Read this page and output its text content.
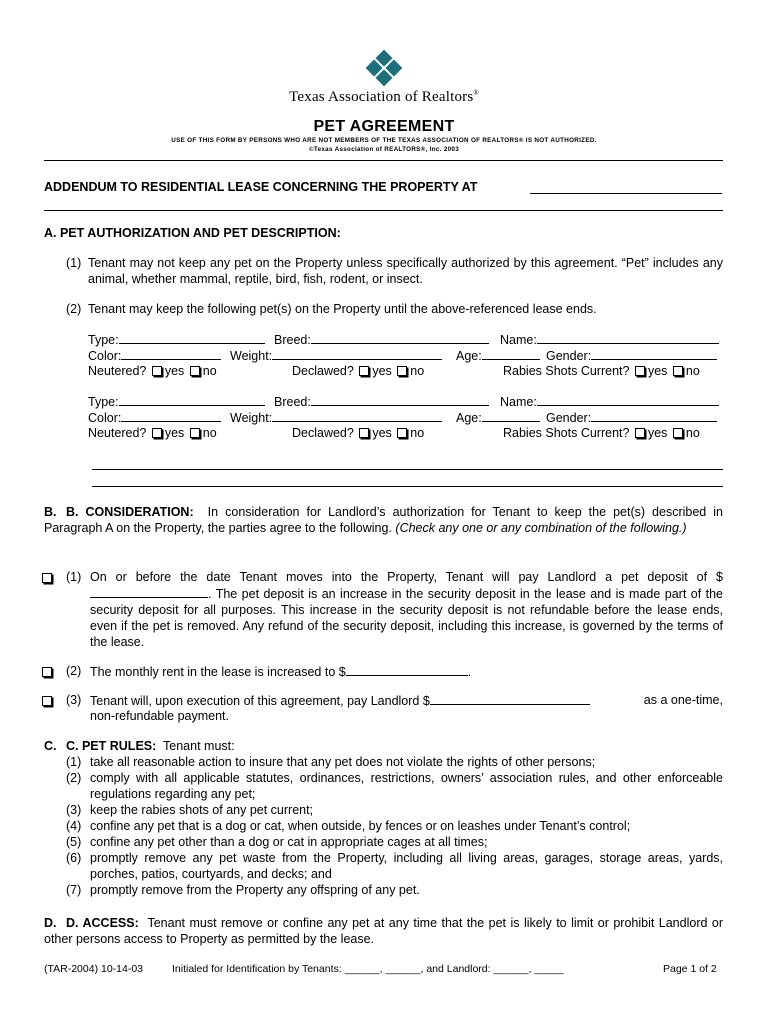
Texas Association of Realtors®
PET AGREEMENT
USE OF THIS FORM BY PERSONS WHO ARE NOT MEMBERS OF THE TEXAS ASSOCIATION OF REALTORS® IS NOT AUTHORIZED.
©Texas Association of REALTORS®, Inc. 2003
ADDENDUM TO RESIDENTIAL LEASE CONCERNING THE PROPERTY AT
A. PET AUTHORIZATION AND PET DESCRIPTION:
(1) Tenant may not keep any pet on the Property unless specifically authorized by this agreement. “Pet” includes any animal, whether mammal, reptile, bird, fish, rodent, or insect.
(2) Tenant may keep the following pet(s) on the Property until the above-referenced lease ends.
Type:	Breed:	Name:
Color:	Weight:	Age:	Gender:
Neutered? yes no	Declawed? yes no	Rabies Shots Current? yes no
Type:	Breed:	Name:
Color:	Weight:	Age:	Gender:
Neutered? yes no	Declawed? yes no	Rabies Shots Current? yes no
B. B. CONSIDERATION: In consideration for Landlord’s authorization for Tenant to keep the pet(s) described in Paragraph A on the Property, the parties agree to the following. (Check any one or any combination of the following.)
(1) On or before the date Tenant moves into the Property, Tenant will pay Landlord a pet deposit of $. The pet deposit is an increase in the security deposit in the lease and is made part of the security deposit for all purposes. This increase in the security deposit is not refundable before the lease ends, even if the pet is removed. Any refund of the security deposit, including this increase, is governed by the terms of the lease.
(2) The monthly rent in the lease is increased to $	.
(3) Tenant will, upon execution of this agreement, pay Landlord $	as a one-time,
non-refundable payment.
C. C. PET RULES: Tenant must:
(1) take all reasonable action to insure that any pet does not violate the rights of other persons;
(2) comply with all applicable statutes, ordinances, restrictions, owners’ association rules, and other enforceable regulations regarding any pet;
(3) keep the rabies shots of any pet current;
(4) confine any pet that is a dog or cat, when outside, by fences or on leashes under Tenant’s control;
(5) confine any pet other than a dog or cat in appropriate cages at all times;
(6) promptly remove any pet waste from the Property, including all living areas, garages, storage areas, yards, porches, patios, courtyards, and decks; and
(7) promptly remove from the Property any offspring of any pet.
D. D. ACCESS: Tenant must remove or confine any pet at any time that the pet is likely to limit or prohibit Landlord or other persons access to Property as permitted by the lease.
(TAR-2004) 10-14-03	Initialed for Identification by Tenants: ______, ______, and Landlord: ______, _____	Page 1 of 2
